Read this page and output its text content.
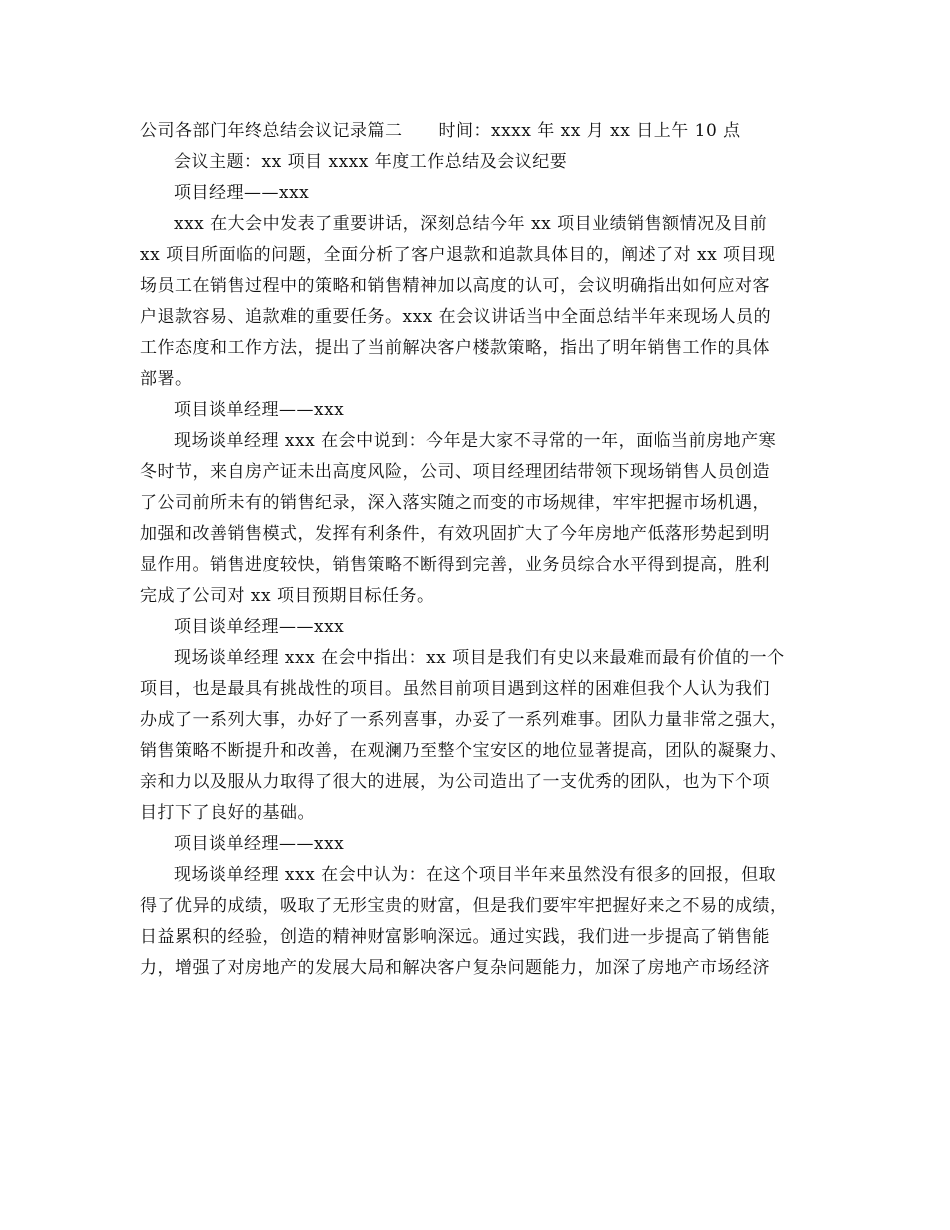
公司各部门年终总结会议记录篇二 时间：xxxx 年 xx 月 xx 日上午 10 点
会议主题：xx 项目 xxxx 年度工作总结及会议纪要
项目经理——xxx
xxx 在大会中发表了重要讲话，深刻总结今年 xx 项目业绩销售额情况及目前
xx 项目所面临的问题，全面分析了客户退款和追款具体目的，阐述了对 xx 项目现
场员工在销售过程中的策略和销售精神加以高度的认可，会议明确指出如何应对客
户退款容易、追款难的重要任务。xxx 在会议讲话当中全面总结半年来现场人员的
工作态度和工作方法，提出了当前解决客户楼款策略，指出了明年销售工作的具体
部署。
项目谈单经理——xxx
现场谈单经理 xxx 在会中说到：今年是大家不寻常的一年，面临当前房地产寒
冬时节，来自房产证未出高度风险，公司、项目经理团结带领下现场销售人员创造
了公司前所未有的销售纪录，深入落实随之而变的市场规律，牢牢把握市场机遇，
加强和改善销售模式，发挥有利条件，有效巩固扩大了今年房地产低落形势起到明
显作用。销售进度较快，销售策略不断得到完善，业务员综合水平得到提高，胜利
完成了公司对 xx 项目预期目标任务。
项目谈单经理——xxx
现场谈单经理 xxx 在会中指出：xx 项目是我们有史以来最难而最有价值的一个
项目，也是最具有挑战性的项目。虽然目前项目遇到这样的困难但我个人认为我们
办成了一系列大事，办好了一系列喜事，办妥了一系列难事。团队力量非常之强大，
销售策略不断提升和改善，在观澜乃至整个宝安区的地位显著提高，团队的凝聚力、
亲和力以及服从力取得了很大的进展，为公司造出了一支优秀的团队，也为下个项
目打下了良好的基础。
项目谈单经理——xxx
现场谈单经理 xxx 在会中认为：在这个项目半年来虽然没有很多的回报，但取
得了优异的成绩，吸取了无形宝贵的财富，但是我们要牢牢把握好来之不易的成绩，
日益累积的经验，创造的精神财富影响深远。通过实践，我们进一步提高了销售能
力，增强了对房地产的发展大局和解决客户复杂问题能力，加深了房地产市场经济
